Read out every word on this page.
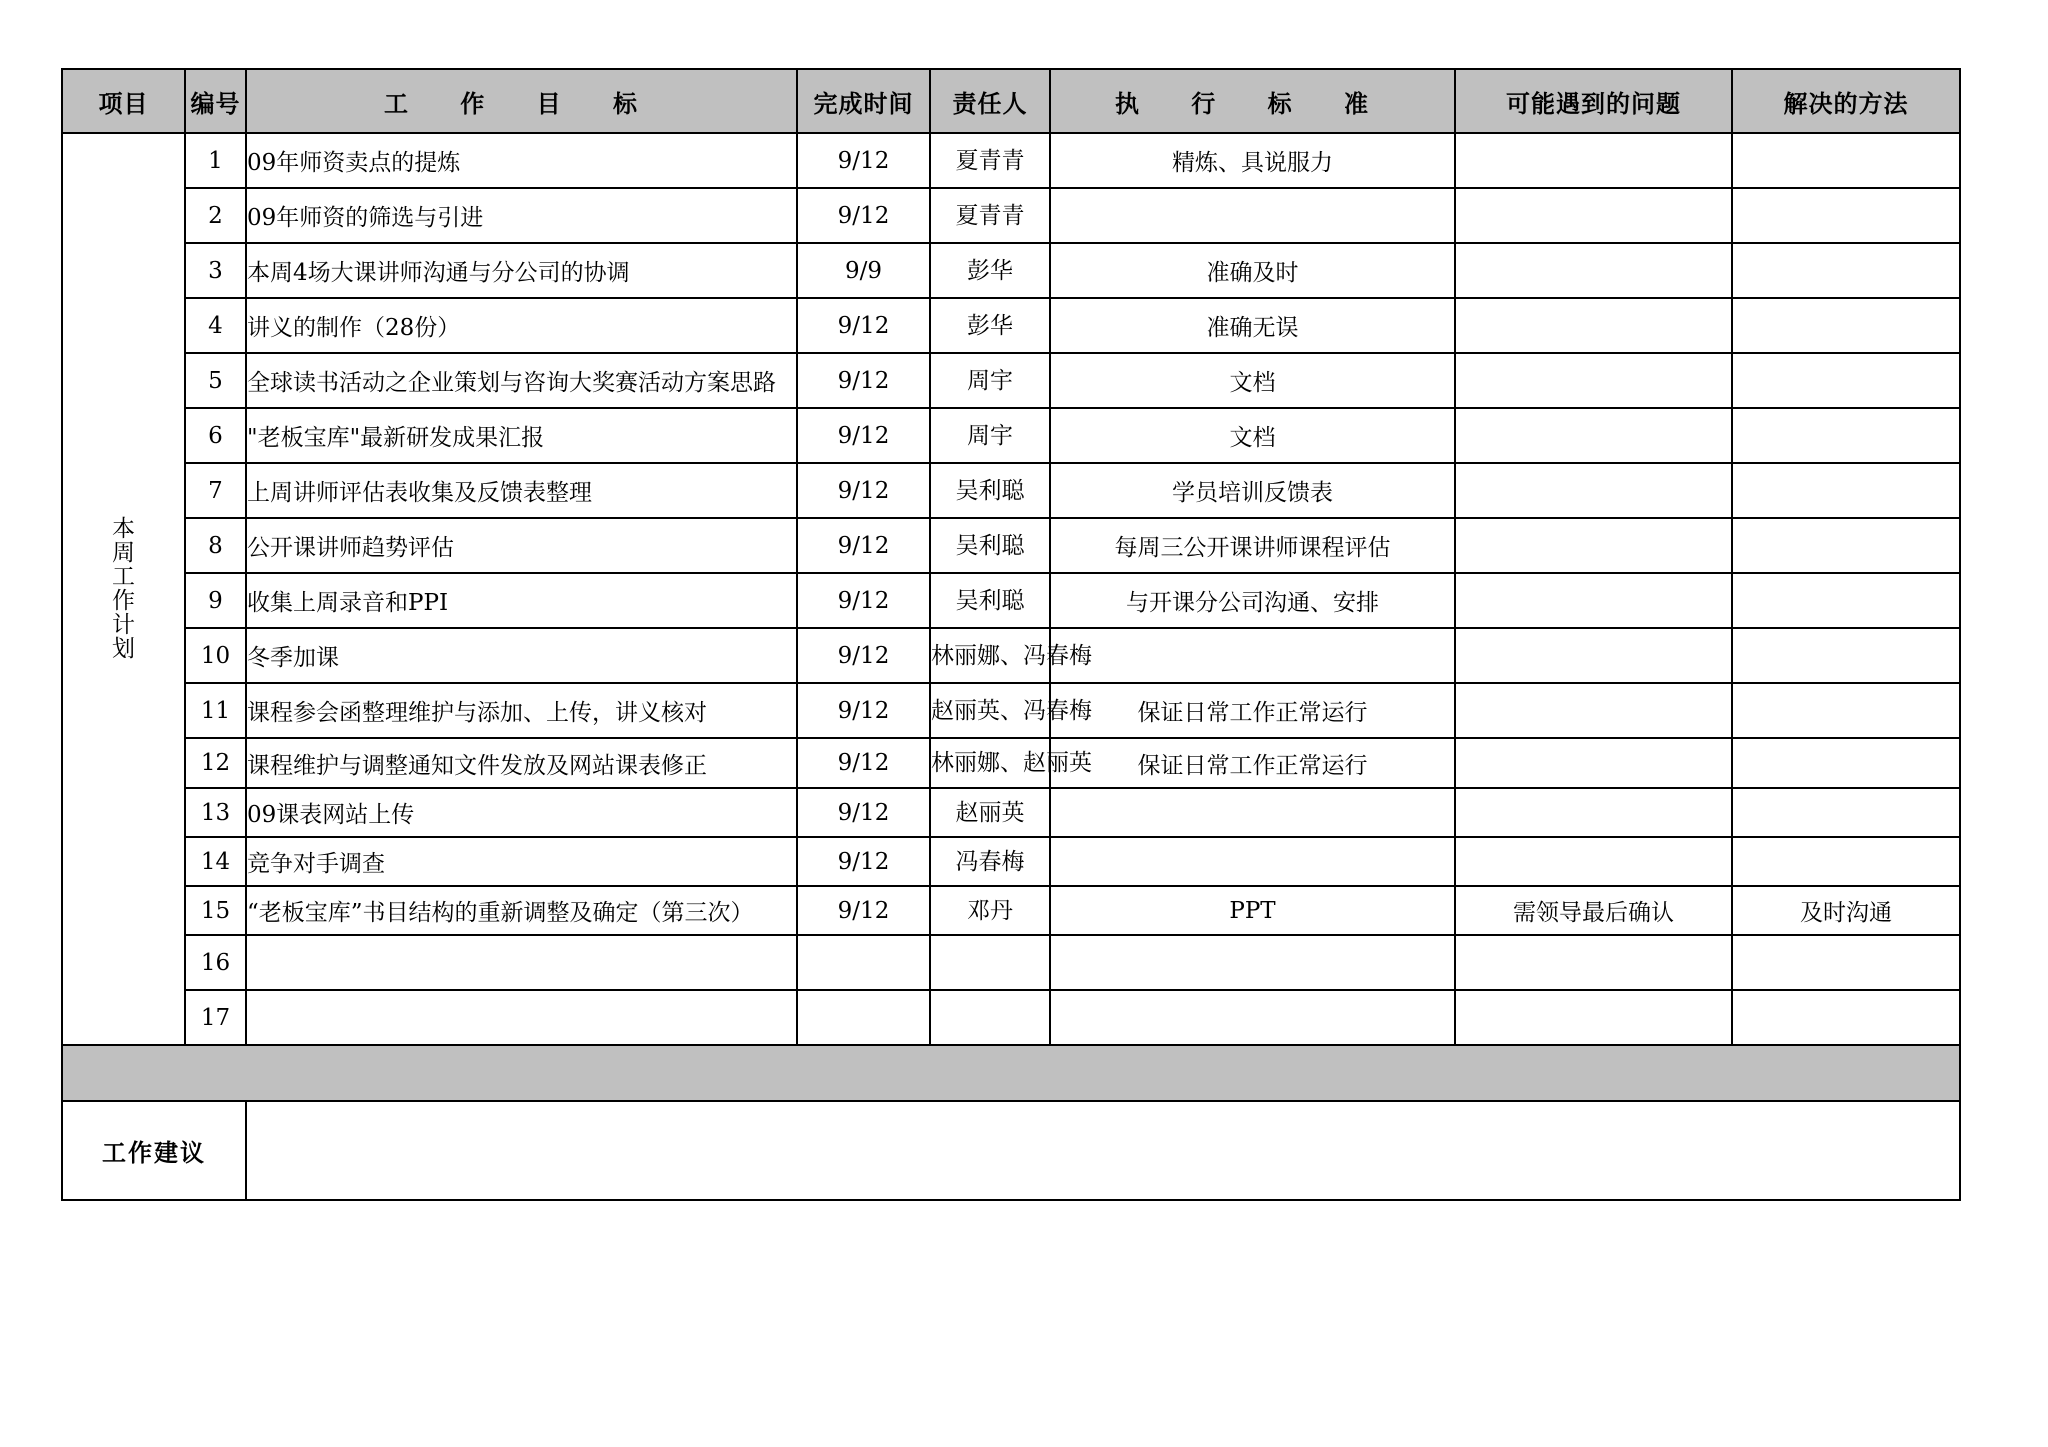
项目	编号	工 作 目 标	完成时间	责任人	执 行 标 准	可能遇到的问题	解决的方法
本周工作计划	1	09年师资卖点的提炼	9/12	夏青青	精炼、具说服力		
	2	09年师资的筛选与引进	9/12	夏青青			
	3	本周4场大课讲师沟通与分公司的协调	9/9	彭华	准确及时		
	4	讲义的制作（28份）	9/12	彭华	准确无误		
	5	全球读书活动之企业策划与咨询大奖赛活动方案思路	9/12	周宇	文档		
	6	"老板宝库"最新研发成果汇报	9/12	周宇	文档		
	7	上周讲师评估表收集及反馈表整理	9/12	吴利聪	学员培训反馈表		
	8	公开课讲师趋势评估	9/12	吴利聪	每周三公开课讲师课程评估		
	9	收集上周录音和PPI	9/12	吴利聪	与开课分公司沟通、安排		
	10	冬季加课	9/12	林丽娜、冯春梅			
	11	课程参会函整理维护与添加、上传，讲义核对	9/12	赵丽英、冯春梅	保证日常工作正常运行		
	12	课程维护与调整通知文件发放及网站课表修正	9/12	林丽娜、赵丽英	保证日常工作正常运行		
	13	09课表网站上传	9/12	赵丽英			
	14	竞争对手调查	9/12	冯春梅			
	15	“老板宝库”书目结构的重新调整及确定（第三次）	9/12	邓丹	PPT	需领导最后确认	及时沟通
	16						
	17						

工作建议							
